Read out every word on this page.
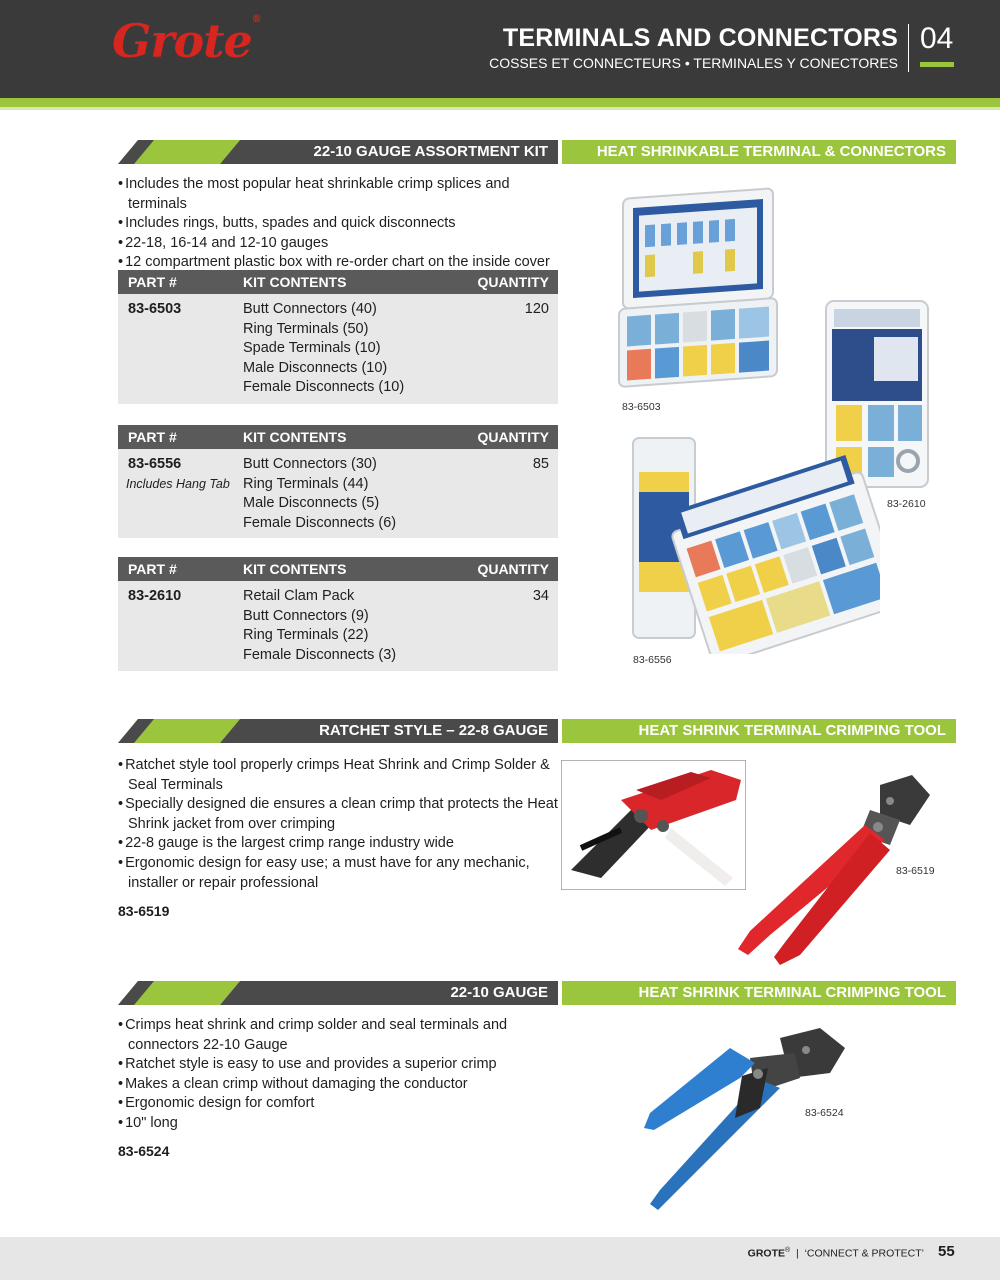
Grote®
TERMINALS AND CONNECTORS
COSSES ET CONNECTEURS • TERMINALES Y CONECTORES
04
22-10 GAUGE ASSORTMENT KIT	HEAT SHRINKABLE TERMINAL & CONNECTORS
• Includes the most popular heat shrinkable crimp splices and terminals
• Includes rings, butts, spades and quick disconnects
• 22-18, 16-14 and 12-10 gauges
• 12 compartment plastic box with re-order chart on the inside cover
PART #	KIT CONTENTS	QUANTITY
83-6503	Butt Connectors (40)
Ring Terminals (50)
Spade Terminals (10)
Male Disconnects (10)
Female Disconnects (10)
120
PART #	KIT CONTENTS	QUANTITY
83-6556
Includes Hang Tab
Butt Connectors (30)
Ring Terminals (44)
Male Disconnects (5)
Female Disconnects (6)
85
PART #	KIT CONTENTS	QUANTITY
83-2610	Retail Clam Pack
Butt Connectors (9)
Ring Terminals (22)
Female Disconnects (3)
34
83-6503
83-2610
83-6556
RATCHET STYLE – 22-8 GAUGE	HEAT SHRINK TERMINAL CRIMPING TOOL
• Ratchet style tool properly crimps Heat Shrink and Crimp Solder & Seal Terminals
• Specially designed die ensures a clean crimp that protects the Heat Shrink jacket from over crimping
• 22-8 gauge is the largest crimp range industry wide
• Ergonomic design for easy use; a must have for any mechanic, installer or repair professional
83-6519
83-6519
22-10 GAUGE	HEAT SHRINK TERMINAL CRIMPING TOOL
• Crimps heat shrink and crimp solder and seal terminals and connectors 22-10 Gauge
• Ratchet style is easy to use and provides a superior crimp
• Makes a clean crimp without damaging the conductor
• Ergonomic design for comfort
• 10" long
83-6524
83-6524
GROTE® | ‘CONNECT & PROTECT’ 55
